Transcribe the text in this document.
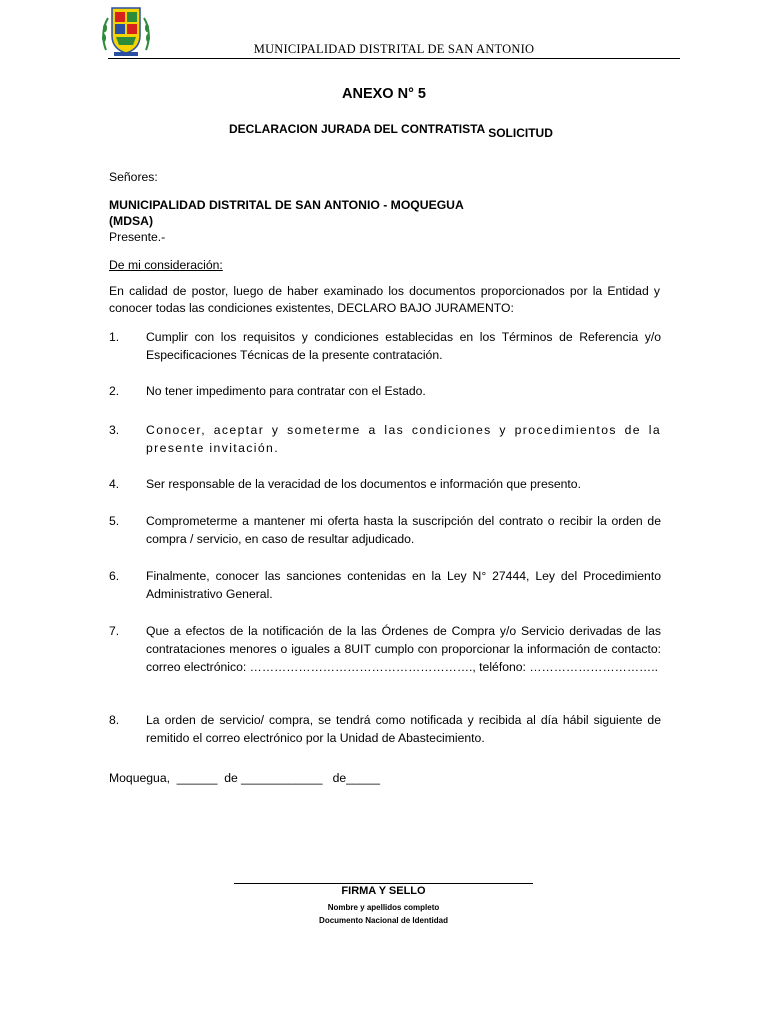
MUNICIPALIDAD DISTRITAL DE SAN ANTONIO
ANEXO N° 5
DECLARACION JURADA DEL CONTRATISTA SOLICITUD
Señores:
MUNICIPALIDAD DISTRITAL DE SAN ANTONIO - MOQUEGUA
(MDSA)
Presente.-
De mi consideración:
En calidad de postor, luego de haber examinado los documentos proporcionados por la Entidad y conocer todas las condiciones existentes, DECLARO BAJO JURAMENTO:
1. Cumplir con los requisitos y condiciones establecidas en los Términos de Referencia y/o Especificaciones Técnicas de la presente contratación.
2. No tener impedimento para contratar con el Estado.
3. Conocer, aceptar y someterme a las condiciones y procedimientos de la presente invitación.
4. Ser responsable de la veracidad de los documentos e información que presento.
5. Comprometerme a mantener mi oferta hasta la suscripción del contrato o recibir la orden de compra / servicio, en caso de resultar adjudicado.
6. Finalmente, conocer las sanciones contenidas en la Ley N° 27444, Ley del Procedimiento Administrativo General.
7. Que a efectos de la notificación de la las Órdenes de Compra y/o Servicio derivadas de las contrataciones menores o iguales a 8UIT cumplo con proporcionar la información de contacto: correo electrónico: ………………………………………………., teléfono: …………………………..
8. La orden de servicio/ compra, se tendrá como notificada y recibida al día hábil siguiente de remitido el correo electrónico por la Unidad de Abastecimiento.
Moquegua,  ______  de ____________   de_____
FIRMA Y SELLO
Nombre y apellidos completo
Documento Nacional de Identidad
